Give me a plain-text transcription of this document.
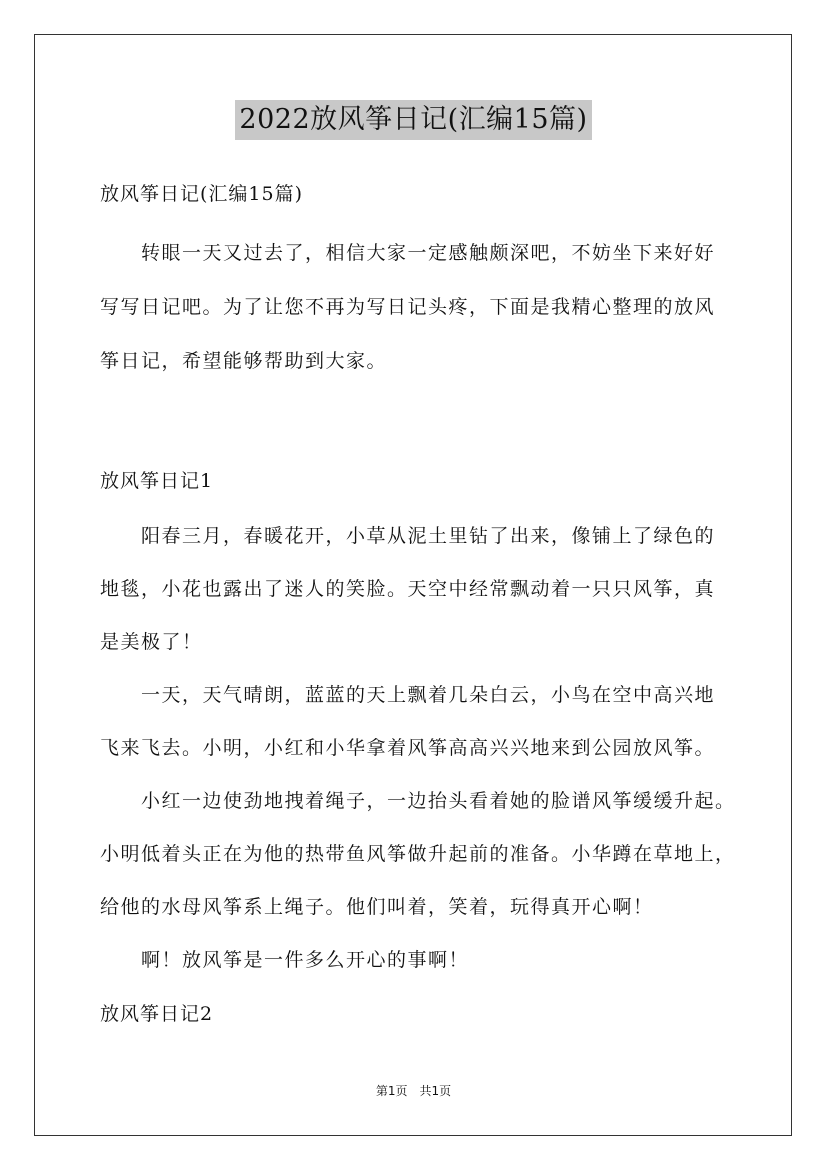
2022放风筝日记(汇编15篇)
放风筝日记(汇编15篇)
　　转眼一天又过去了，相信大家一定感触颇深吧，不妨坐下来好好
写写日记吧。为了让您不再为写日记头疼，下面是我精心整理的放风
筝日记，希望能够帮助到大家。
放风筝日记1
　　阳春三月，春暖花开，小草从泥土里钻了出来，像铺上了绿色的
地毯，小花也露出了迷人的笑脸。天空中经常飘动着一只只风筝，真
是美极了！
　　一天，天气晴朗，蓝蓝的天上飘着几朵白云，小鸟在空中高兴地
飞来飞去。小明，小红和小华拿着风筝高高兴兴地来到公园放风筝。
　　小红一边使劲地拽着绳子，一边抬头看着她的脸谱风筝缓缓升起。
小明低着头正在为他的热带鱼风筝做升起前的准备。小华蹲在草地上，
给他的水母风筝系上绳子。他们叫着，笑着，玩得真开心啊！
　　啊！放风筝是一件多么开心的事啊！
放风筝日记2
第1页　共1页
